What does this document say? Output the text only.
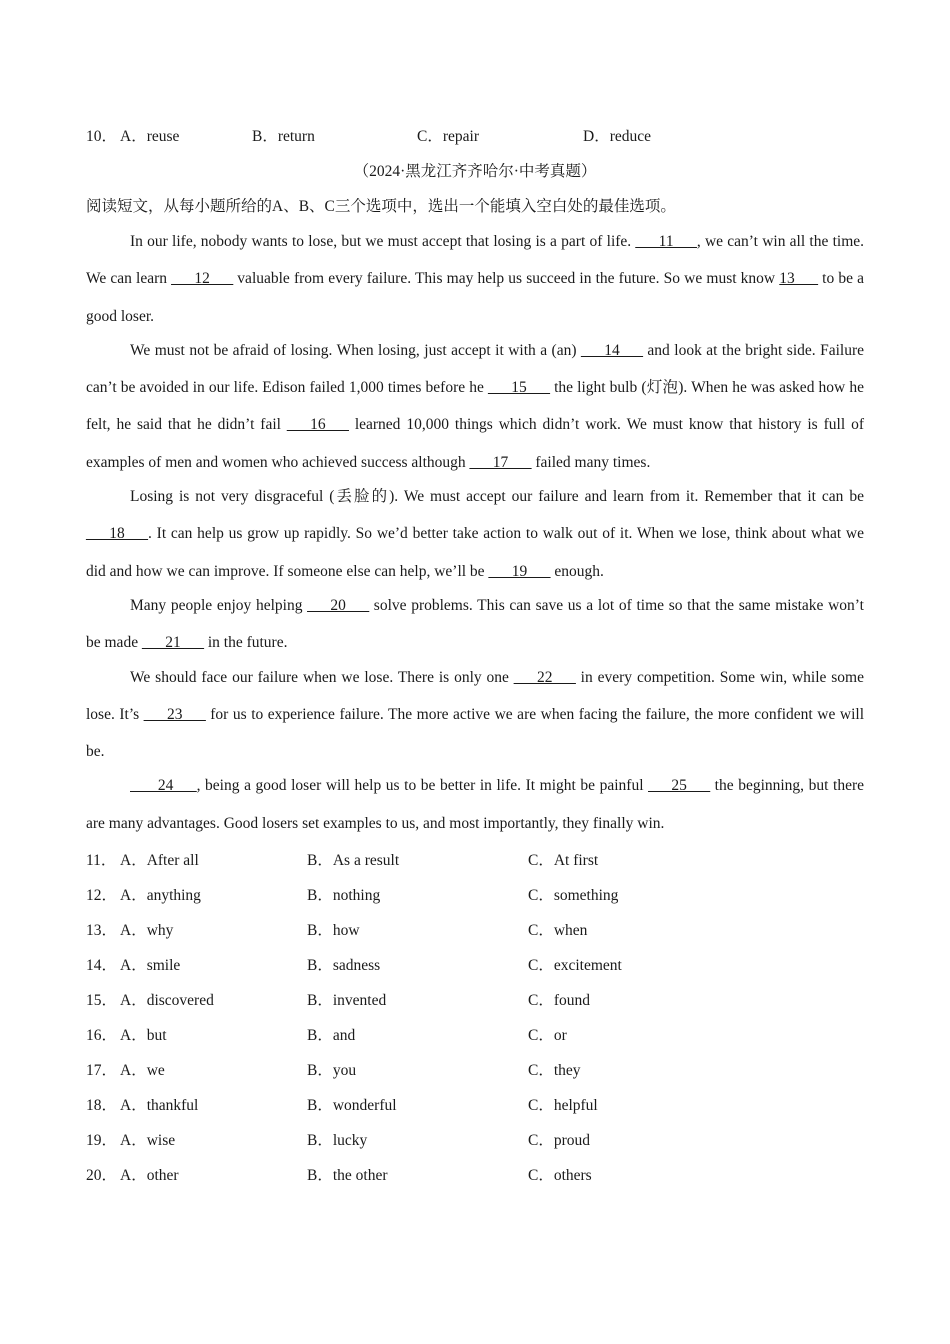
10． A．reuse	B．return	C．repair	D．reduce
（2024·黑龙江齐齐哈尔·中考真题）
阅读短文，从每小题所给的A、B、C三个选项中，选出一个能填入空白处的最佳选项。

In our life, nobody wants to lose, but we must accept that losing is a part of life. ___11___, we can’t win all the time. We can learn ___12___ valuable from every failure. This may help us succeed in the future. So we must know 13___ to be a good loser.

We must not be afraid of losing. When losing, just accept it with a (an) ___14___ and look at the bright side. Failure can’t be avoided in our life. Edison failed 1,000 times before he ___15___ the light bulb (灯泡). When he was asked how he felt, he said that he didn’t fail ___16___ learned 10,000 things which didn’t work. We must know that history is full of examples of men and women who achieved success although ___17___ failed many times.

Losing is not very disgraceful (丢脸的). We must accept our failure and learn from it. Remember that it can be ___18___. It can help us grow up rapidly. So we’d better take action to walk out of it. When we lose, think about what we did and how we can improve. If someone else can help, we’ll be ___19___ enough.

Many people enjoy helping ___20___ solve problems. This can save us a lot of time so that the same mistake won’t be made ___21___ in the future.

We should face our failure when we lose. There is only one ___22___ in every competition. Some win, while some lose. It’s ___23___ for us to experience failure. The more active we are when facing the failure, the more confident we will be.

___24___, being a good loser will help us to be better in life. It might be painful ___25___ the beginning, but there are many advantages. Good losers set examples to us, and most importantly, they finally win.

11． A．After all	B．As a result	C．At first
12． A．anything	B．nothing	C．something
13． A．why	B．how	C．when
14． A．smile	B．sadness	C．excitement
15． A．discovered	B．invented	C．found
16． A．but	B．and	C．or
17． A．we	B．you	C．they
18． A．thankful	B．wonderful	C．helpful
19． A．wise	B．lucky	C．proud
20． A．other	B．the other	C．others
